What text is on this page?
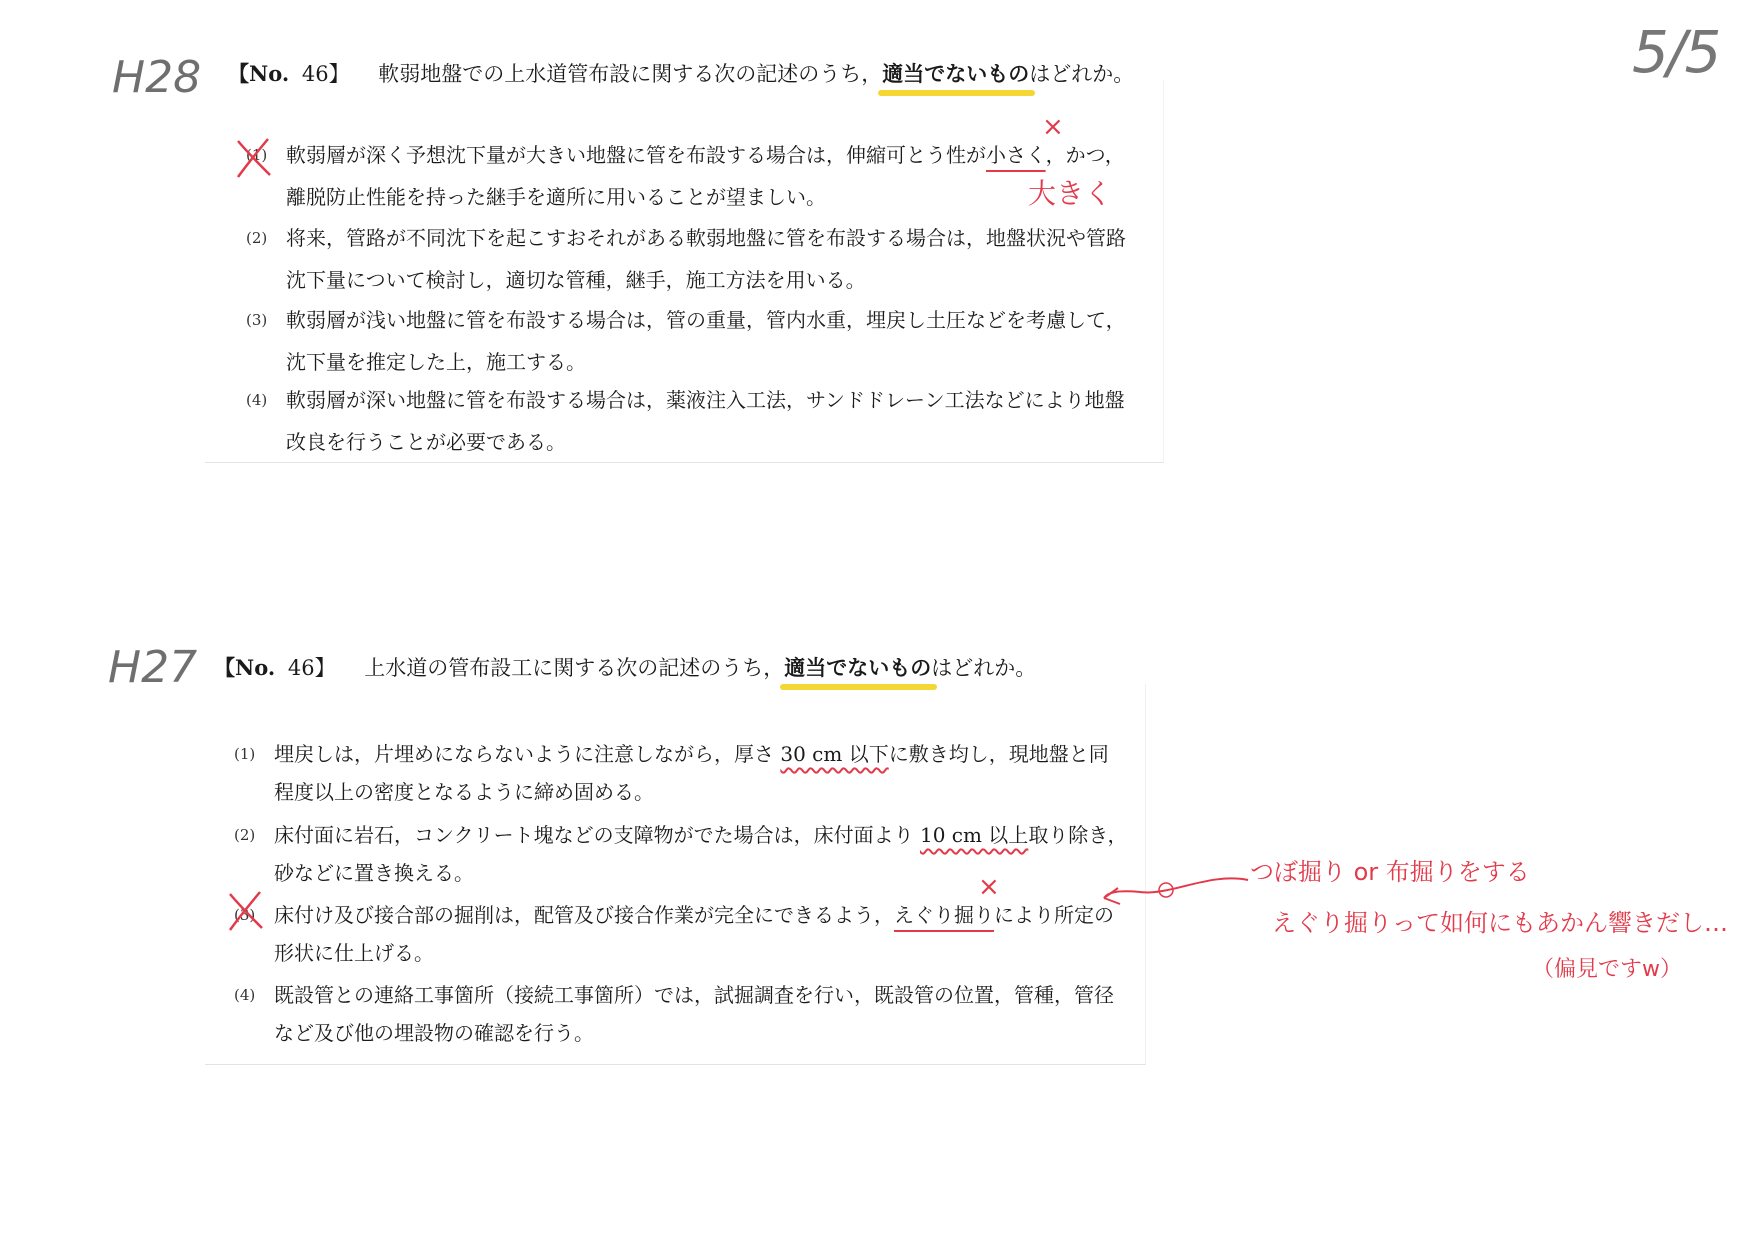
5/5
H28
H27
【No. 46】 軟弱地盤での上水道管布設に関する次の記述のうち，適当でないものはどれか。
(1) 軟弱層が深く予想沈下量が大きい地盤に管を布設する場合は，伸縮可とう性が小さく，かつ，
離脱防止性能を持った継手を適所に用いることが望ましい。
(2) 将来，管路が不同沈下を起こすおそれがある軟弱地盤に管を布設する場合は，地盤状況や管路
沈下量について検討し，適切な管種，継手，施工方法を用いる。
(3) 軟弱層が浅い地盤に管を布設する場合は，管の重量，管内水重，埋戻し土圧などを考慮して，
沈下量を推定した上，施工する。
(4) 軟弱層が深い地盤に管を布設する場合は，薬液注入工法，サンドドレーン工法などにより地盤
改良を行うことが必要である。
×
大きく
【No. 46】 上水道の管布設工に関する次の記述のうち，適当でないものはどれか。
(1) 埋戻しは，片埋めにならないように注意しながら，厚さ 30 cm 以下に敷き均し，現地盤と同
程度以上の密度となるように締め固める。
(2) 床付面に岩石，コンクリート塊などの支障物がでた場合は，床付面より 10 cm 以上取り除き，
砂などに置き換える。
(3) 床付け及び接合部の掘削は，配管及び接合作業が完全にできるよう，えぐり掘りにより所定の
形状に仕上げる。
(4) 既設管との連絡工事箇所（接続工事箇所）では，試掘調査を行い，既設管の位置，管種，管径
など及び他の埋設物の確認を行う。
×	つぼ掘り or 布掘りをする
えぐり掘りって如何にもあかん響きだし…
（偏見ですw）
